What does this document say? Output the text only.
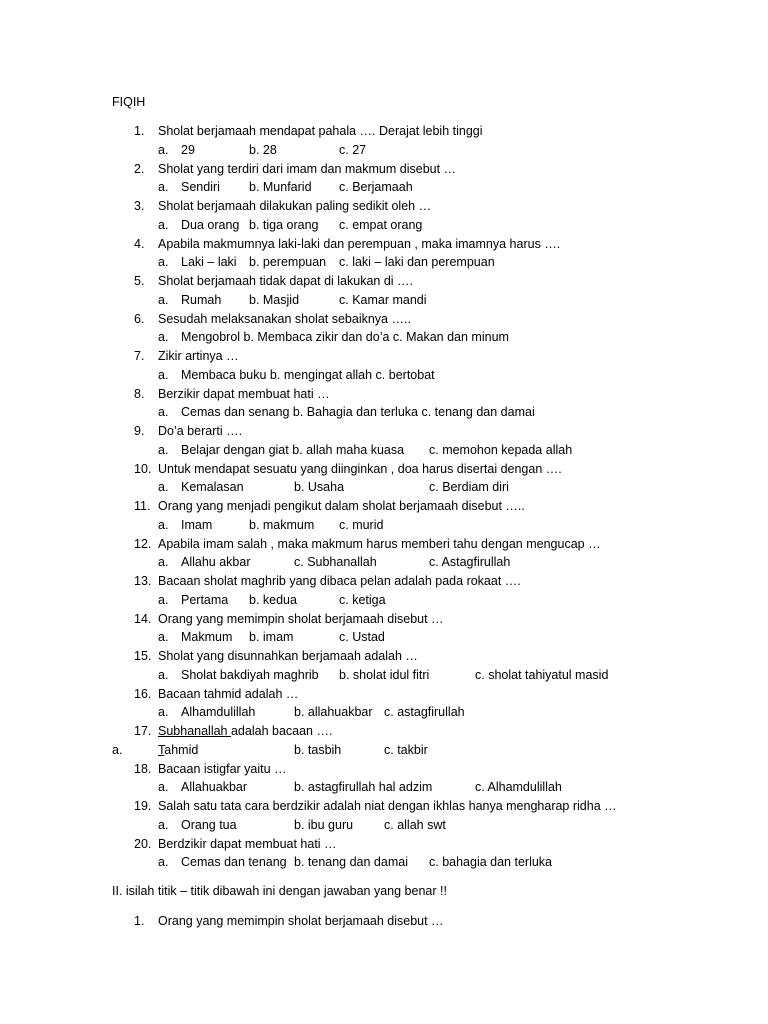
FIQIH
1. Sholat berjamaah mendapat pahala …. Derajat lebih tinggi
a. 29	b. 28	c. 27
2. Sholat yang terdiri dari imam dan makmum disebut …
a. Sendiri b. Munfarid c. Berjamaah
3. Sholat berjamaah dilakukan paling sedikit oleh …
a. Dua orang b. tiga orang c. empat orang
4. Apabila makmumnya laki-laki dan perempuan , maka imamnya harus ….
a. Laki – laki b. perempuan c. laki – laki dan perempuan
5. Sholat berjamaah tidak dapat di lakukan di ….
a. Rumah b. Masjid	c. Kamar mandi
6. Sesudah melaksanakan sholat sebaiknya …..
a. Mengobrol b. Membaca zikir dan do’a c. Makan dan minum
7. Zikir artinya …
a. Membaca buku b. mengingat allah c. bertobat
8. Berzikir dapat membuat hati …
a. Cemas dan senang b. Bahagia dan terluka c. tenang dan damai
9. Do’a berarti ….
a. Belajar dengan giat b. allah maha kuasa c. memohon kepada allah
10. Untuk mendapat sesuatu yang diinginkan , doa harus disertai dengan ….
a. Kemalasan	b. Usaha	c. Berdiam diri
11. Orang yang menjadi pengikut dalam sholat berjamaah disebut …..
a. Imam	b. makmum c. murid
12. Apabila imam salah , maka makmum harus memberi tahu dengan mengucap …
a. Allahu akbar	c. Subhanallah	c. Astagfirullah
13. Bacaan sholat maghrib yang dibaca pelan adalah pada rokaat ….
a. Pertama b. kedua	c. ketiga
14. Orang yang memimpin sholat berjamaah disebut …
a. Makmum b. imam	c. Ustad
15. Sholat yang disunnahkan berjamaah adalah …
a. Sholat bakdiyah maghrib b. sholat idul fitri	c. sholat tahiyatul masid
16. Bacaan tahmid adalah …
a. Alhamdulillah	b. allahuakbar c. astagfirullah
17. Subhanallah adalah bacaan ….
a.	Tahmid	b. tasbih	c. takbir
18. Bacaan istigfar yaitu …
a. Allahuakbar	b. astagfirullah hal adzim	c. Alhamdulillah
19. Salah satu tata cara berdzikir adalah niat dengan ikhlas hanya mengharap ridha …
a. Orang tua	b. ibu guru c. allah swt
20. Berdzikir dapat membuat hati …
a. Cemas dan tenang b. tenang dan damai c. bahagia dan terluka
II. isilah titik – titik dibawah ini dengan jawaban yang benar !!
1. Orang yang memimpin sholat berjamaah disebut …
